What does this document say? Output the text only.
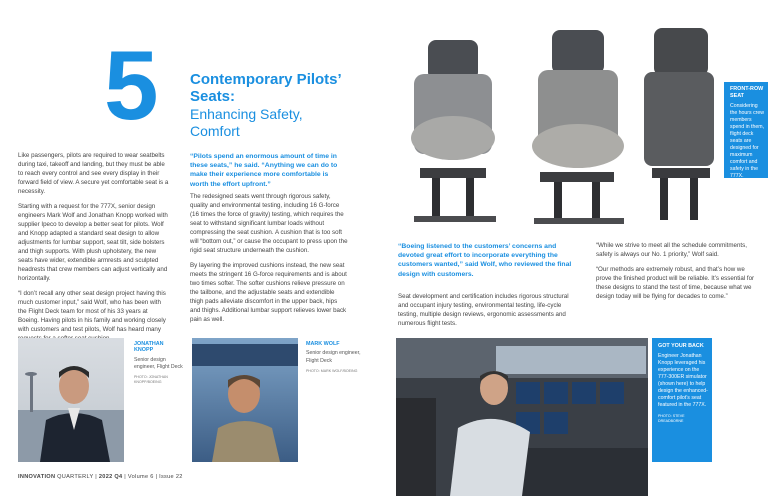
5 Contemporary Pilots’ Seats:
Enhancing Safety, Comfort

Like passengers, pilots are required to wear seatbelts during taxi, takeoff and landing, but they must be able to reach every control and see every display in their forward field of view. A secure yet comfortable seat is a necessity.

Starting with a request for the 777X, senior design engineers Mark Wolf and Jonathan Knopp worked with supplier Ipeco to develop a better seat for pilots. Wolf and Knopp adapted a standard seat design to allow adjustments for lumbar support, seat tilt, side bolsters and thigh supports. With plush upholstery, the new seats have wider, extendible armrests and sculpted headrests that crew members can adjust vertically and horizontally.

“I don’t recall any other seat design project having this much customer input,” said Wolf, who has been with the Flight Deck team for most of his 33 years at Boeing. Having pilots in his family and working closely with customers and test pilots, Wolf has heard many

“Pilots spend an enormous amount of time in these seats,” he said. “Anything we can do to make their experience more comfortable is worth the effort upfront.”

The redesigned seats went through rigorous safety, quality and environmental testing, including 16 G-force (16 times the force of gravity) testing, which requires the seat to withstand significant lumbar loads without compressing the seat cushion. A cushion that is too soft will “bottom out,” or cause the occupant to press upon the rigid seat structure underneath the cushion.

By layering the improved cushions instead, the new seat meets the stringent 16 G-force requirements and is about two times softer. The softer cushions relieve pressure on the tailbone, and the adjustable seats and extendible thigh pads alleviate discomfort in the upper back, hips and thighs. Additional lumbar support relieves lower back pain as well.

FRONT-ROW SEAT
Considering the hours crew members spend in them, flight deck seats are designed for maximum comfort and safety in the 777X.
PHOTO: IPECO
“Boeing listened to the customers’ concerns and devoted great effort to incorporate everything the customers wanted,” said Wolf, who reviewed the final design with customers.

Seat development and certification includes rigorous structural and occupant injury testing, environmental testing, life-cycle testing, multiple design reviews, ergonomic assessments and numerous flight tests.

“While we strive to meet all the schedule commitments, safety is always our No. 1 priority,” Wolf said.

“Our methods are extremely robust, and that’s how we prove the finished product will be reliable. It’s essential for these designs to stand the test of time, because what we design today will be flying for decades to come.”

JONATHAN KNOPP
Senior design engineer, Flight Deck
PHOTO: JONATHAN KNOPP/BOEING
MARK WOLF
Senior design engineer, Flight Deck
PHOTO: MARK WOLF/BOEING
GOT YOUR BACK
Engineer Jonathan Knopp leveraged his experience on the 777-300ER simulator (shown here) to help design the enhanced-comfort pilot’s seat featured in the 777X.
PHOTO: STEVE DREADBORNE
INNOVATION QUARTERLY | 2022 Q4 | Volume 6 | Issue 22
